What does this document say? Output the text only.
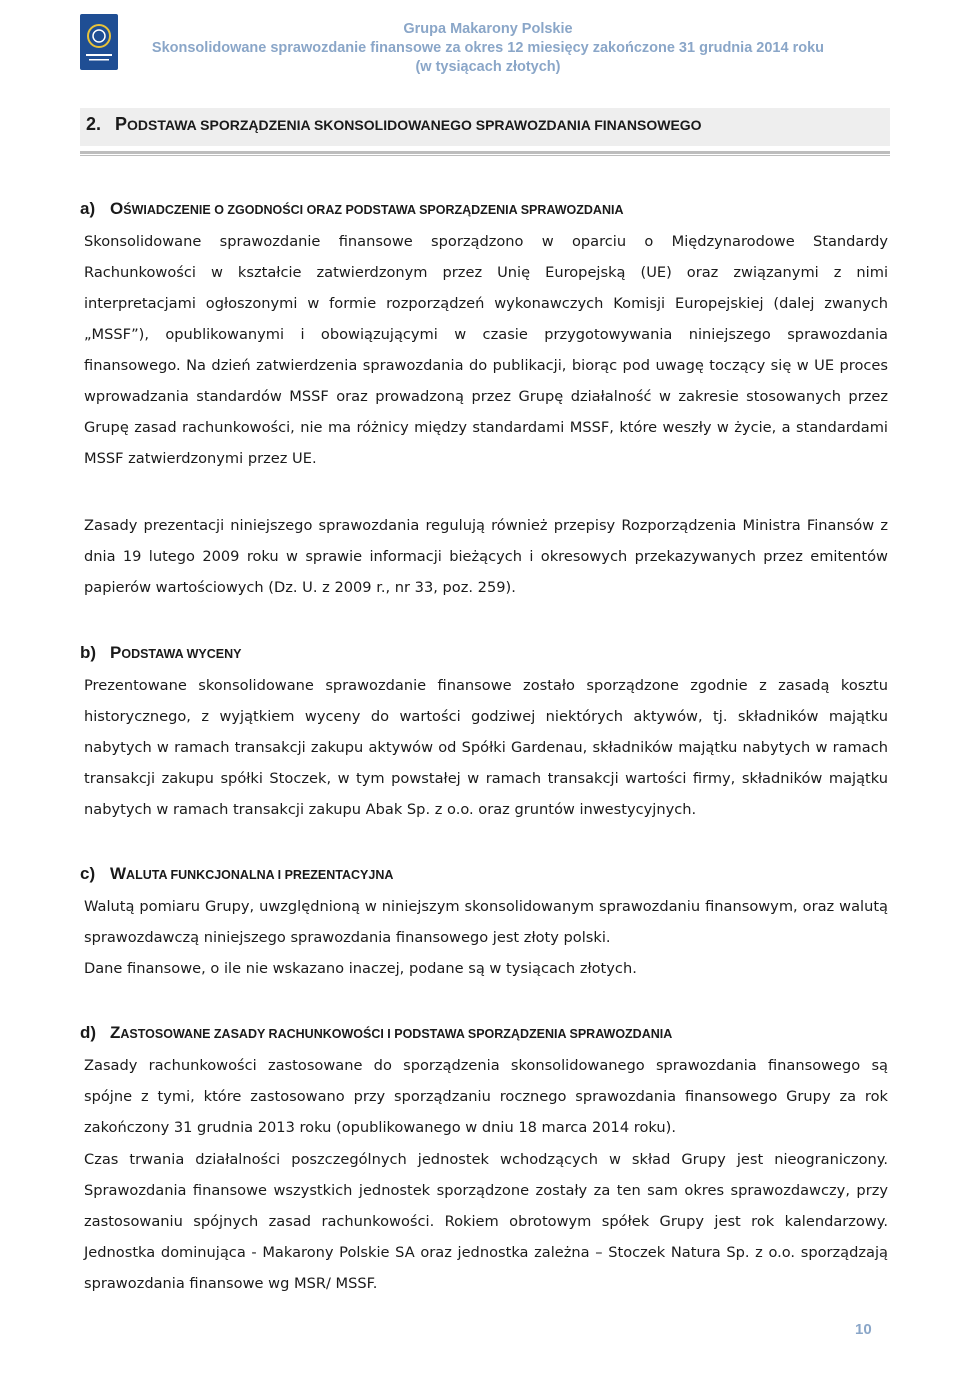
Grupa Makarony Polskie
Skonsolidowane sprawozdanie finansowe za okres 12 miesięcy zakończone 31 grudnia 2014 roku
(w tysiącach złotych)
2. PODSTAWA SPORZĄDZENIA SKONSOLIDOWANEGO SPRAWOZDANIA FINANSOWEGO
a) OŚWIADCZENIE O ZGODNOŚCI ORAZ PODSTAWA SPORZĄDZENIA SPRAWOZDANIA
Skonsolidowane sprawozdanie finansowe sporządzono w oparciu o Międzynarodowe Standardy Rachunkowości w kształcie zatwierdzonym przez Unię Europejską (UE) oraz związanymi z nimi interpretacjami ogłoszonymi w formie rozporządzeń wykonawczych Komisji Europejskiej (dalej zwanych „MSSF”), opublikowanymi i obowiązującymi w czasie przygotowywania niniejszego sprawozdania finansowego. Na dzień zatwierdzenia sprawozdania do publikacji, biorąc pod uwagę toczący się w UE proces wprowadzania standardów MSSF oraz prowadzoną przez Grupę działalność w zakresie stosowanych przez Grupę zasad rachunkowości, nie ma różnicy między standardami MSSF, które weszły w życie, a standardami MSSF zatwierdzonymi przez UE.
Zasady prezentacji niniejszego sprawozdania regulują również przepisy Rozporządzenia Ministra Finansów z dnia 19 lutego 2009 roku w sprawie informacji bieżących i okresowych przekazywanych przez emitentów papierów wartościowych (Dz. U. z 2009 r., nr 33, poz. 259).
b) PODSTAWA WYCENY
Prezentowane skonsolidowane sprawozdanie finansowe zostało sporządzone zgodnie z zasadą kosztu historycznego, z wyjątkiem wyceny do wartości godziwej niektórych aktywów, tj. składników majątku nabytych w ramach transakcji zakupu aktywów od Spółki Gardenau, składników majątku nabytych w ramach transakcji zakupu spółki Stoczek, w tym powstałej w ramach transakcji wartości firmy, składników majątku nabytych w ramach transakcji zakupu Abak Sp. z o.o. oraz gruntów inwestycyjnych.
c) WALUTA FUNKCJONALNA I PREZENTACYJNA
Walutą pomiaru Grupy, uwzględnioną w niniejszym skonsolidowanym sprawozdaniu finansowym, oraz walutą sprawozdawczą niniejszego sprawozdania finansowego jest złoty polski.
Dane finansowe, o ile nie wskazano inaczej, podane są w tysiącach złotych.
d) ZASTOSOWANE ZASADY RACHUNKOWOŚCI I PODSTAWA SPORZĄDZENIA SPRAWOZDANIA
Zasady rachunkowości zastosowane do sporządzenia skonsolidowanego sprawozdania finansowego są spójne z tymi, które zastosowano przy sporządzaniu rocznego sprawozdania finansowego Grupy za rok zakończony 31 grudnia 2013 roku (opublikowanego w dniu 18 marca 2014 roku).
Czas trwania działalności poszczególnych jednostek wchodzących w skład Grupy jest nieograniczony. Sprawozdania finansowe wszystkich jednostek sporządzone zostały za ten sam okres sprawozdawczy, przy zastosowaniu spójnych zasad rachunkowości. Rokiem obrotowym spółek Grupy jest rok kalendarzowy. Jednostka dominująca - Makarony Polskie SA oraz jednostka zależna – Stoczek Natura Sp. z o.o. sporządzają sprawozdania finansowe wg MSR/ MSSF.
10
